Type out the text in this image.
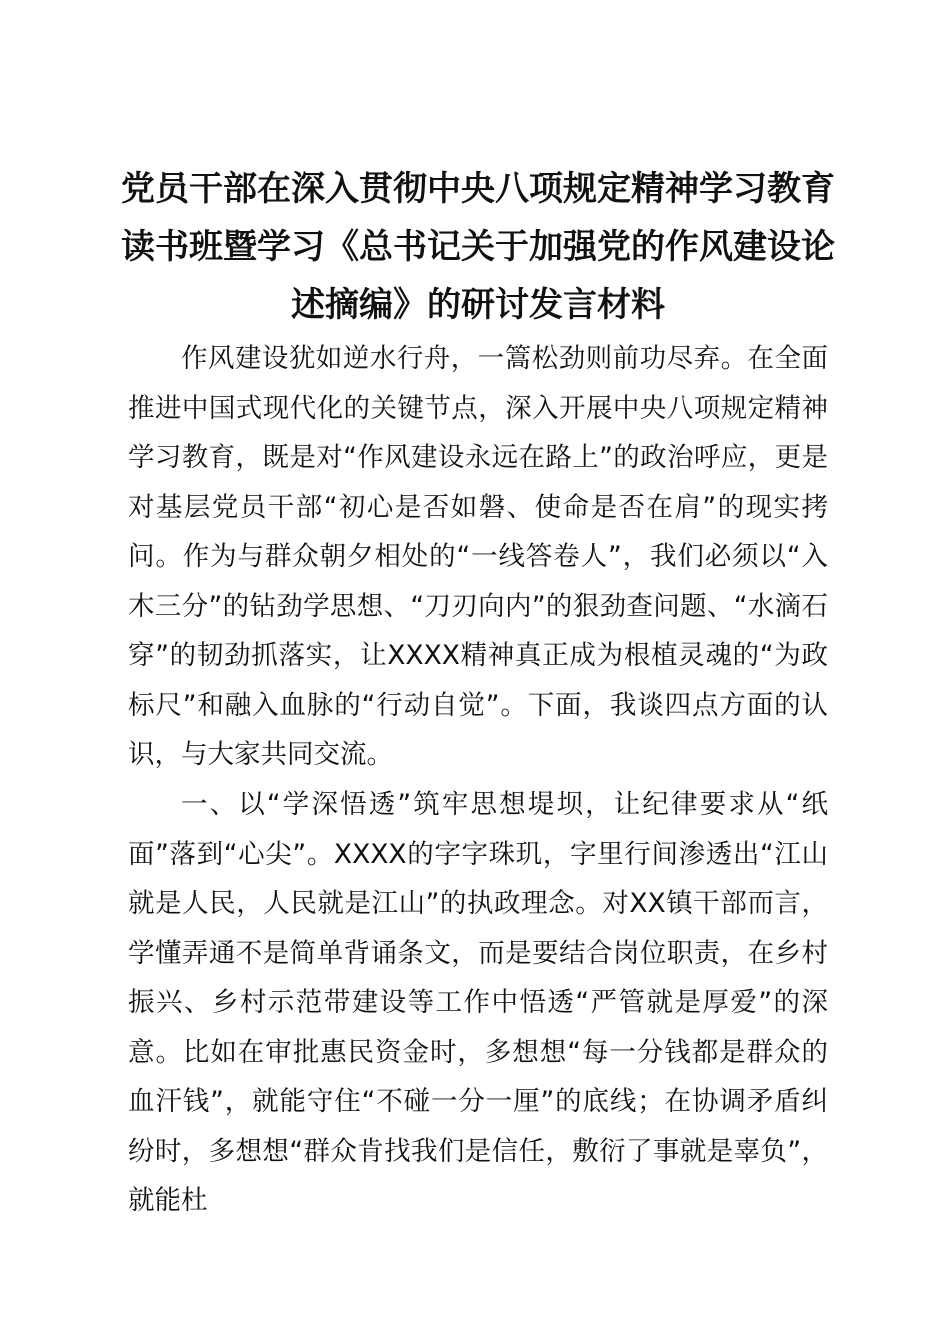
党员干部在深入贯彻中央八项规定精神学习教育读书班暨学习《总书记关于加强党的作风建设论述摘编》的研讨发言材料

作风建设犹如逆水行舟，一篙松劲则前功尽弃。在全面推进中国式现代化的关键节点，深入开展中央八项规定精神学习教育，既是对“作风建设永远在路上”的政治呼应，更是对基层党员干部“初心是否如磐、使命是否在肩”的现实拷问。作为与群众朝夕相处的“一线答卷人”，我们必须以“入木三分”的钻劲学思想、“刀刃向内”的狠劲查问题、“水滴石穿”的韧劲抓落实，让XXXX精神真正成为根植灵魂的“为政标尺”和融入血脉的“行动自觉”。下面，我谈四点方面的认识，与大家共同交流。

一、以“学深悟透”筑牢思想堤坝，让纪律要求从“纸面”落到“心尖”。XXXX的字字珠玑，字里行间渗透出“江山就是人民，人民就是江山”的执政理念。对XX镇干部而言，学懂弄通不是简单背诵条文，而是要结合岗位职责，在乡村振兴、乡村示范带建设等工作中悟透“严管就是厚爱”的深意。比如在审批惠民资金时，多想想“每一分钱都是群众的血汗钱”，就能守住“不碰一分一厘”的底线；在协调矛盾纠纷时，多想想“群众肯找我们是信任，敷衍了事就是辜负”，就能杜
